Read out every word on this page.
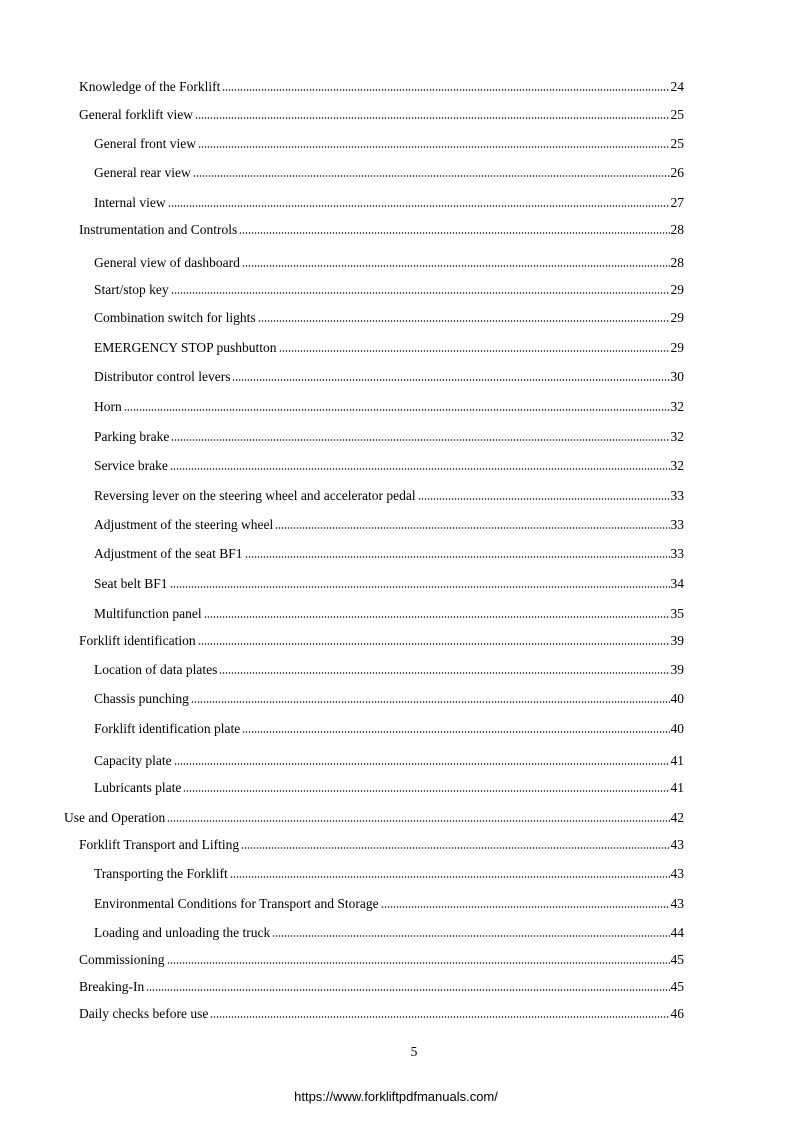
Knowledge of the Forklift	24
General forklift view	25
General front view	25
General rear view	26
Internal view	27
Instrumentation and Controls	28
General view of dashboard	28
Start/stop key	29
Combination switch for lights	29
EMERGENCY STOP pushbutton	29
Distributor control levers	30
Horn	32
Parking brake	32
Service brake	32
Reversing lever on the steering wheel and accelerator pedal	33
Adjustment of the steering wheel	33
Adjustment of the seat BF1	33
Seat belt BF1	34
Multifunction panel	35
Forklift identification	39
Location of data plates	39
Chassis punching	40
Forklift identification plate	40
Capacity plate	41
Lubricants plate	41
Use and Operation	42
Forklift Transport and Lifting	43
Transporting the Forklift	43
Environmental Conditions for Transport and Storage	43
Loading and unloading the truck	44
Commissioning	45
Breaking-In	45
Daily checks before use	46
5
https://www.forkliftpdfmanuals.com/
